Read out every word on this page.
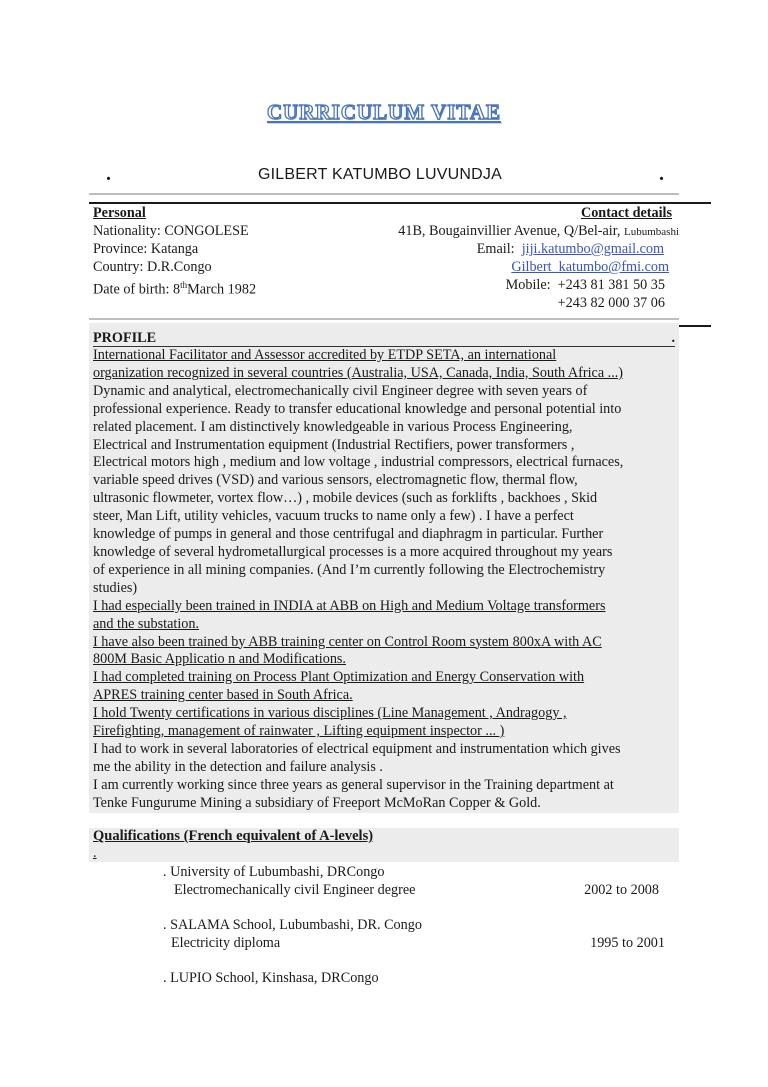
CURRICULUM VITAE
.	GILBERT KATUMBO LUVUNDJA	.
Personal
Nationality: CONGOLESE
Province: Katanga
Country: D.R.Congo
Date of birth: 8thMarch 1982
Contact details
41B, Bougainvillier Avenue, Q/Bel-air, Lubumbashi
Email: jiji.katumbo@gmail.com
Gilbert_katumbo@fmi.com
Mobile: +243 81 381 50 35
+243 82 000 37 06
PROFILE	.
International Facilitator and Assessor accredited by ETDP SETA, an international
organization recognized in several countries (Australia, USA, Canada, India, South Africa ...)
Dynamic and analytical, electromechanically civil Engineer degree with seven years of
professional experience. Ready to transfer educational knowledge and personal potential into
related placement. I am distinctively knowledgeable in various Process Engineering,
Electrical and Instrumentation equipment (Industrial Rectifiers, power transformers ,
Electrical motors high , medium and low voltage , industrial compressors, electrical furnaces,
variable speed drives (VSD) and various sensors, electromagnetic flow, thermal flow,
ultrasonic flowmeter, vortex flow…) , mobile devices (such as forklifts , backhoes , Skid
steer, Man Lift, utility vehicles, vacuum trucks to name only a few) . I have a perfect
knowledge of pumps in general and those centrifugal and diaphragm in particular. Further
knowledge of several hydrometallurgical processes is a more acquired throughout my years
of experience in all mining companies. (And I’m currently following the Electrochemistry
studies)
I had especially been trained in INDIA at ABB on High and Medium Voltage transformers
and the substation.
I have also been trained by ABB training center on Control Room system 800xA with AC
800M Basic Applicatio n and Modifications.
I had completed training on Process Plant Optimization and Energy Conservation with
APRES training center based in South Africa.
I hold Twenty certifications in various disciplines (Line Management , Andragogy ,
Firefighting, management of rainwater , Lifting equipment inspector ... )
I had to work in several laboratories of electrical equipment and instrumentation which gives
me the ability in the detection and failure analysis .
I am currently working since three years as general supervisor in the Training department at
Tenke Fungurume Mining a subsidiary of Freeport McMoRan Copper & Gold.
Qualifications (French equivalent of A-levels)
.
. University of Lubumbashi, DRCongo
Electromechanically civil Engineer degree	2002 to 2008
. SALAMA School, Lubumbashi, DR. Congo
Electricity diploma	1995 to 2001
. LUPIO School, Kinshasa, DRCongo
